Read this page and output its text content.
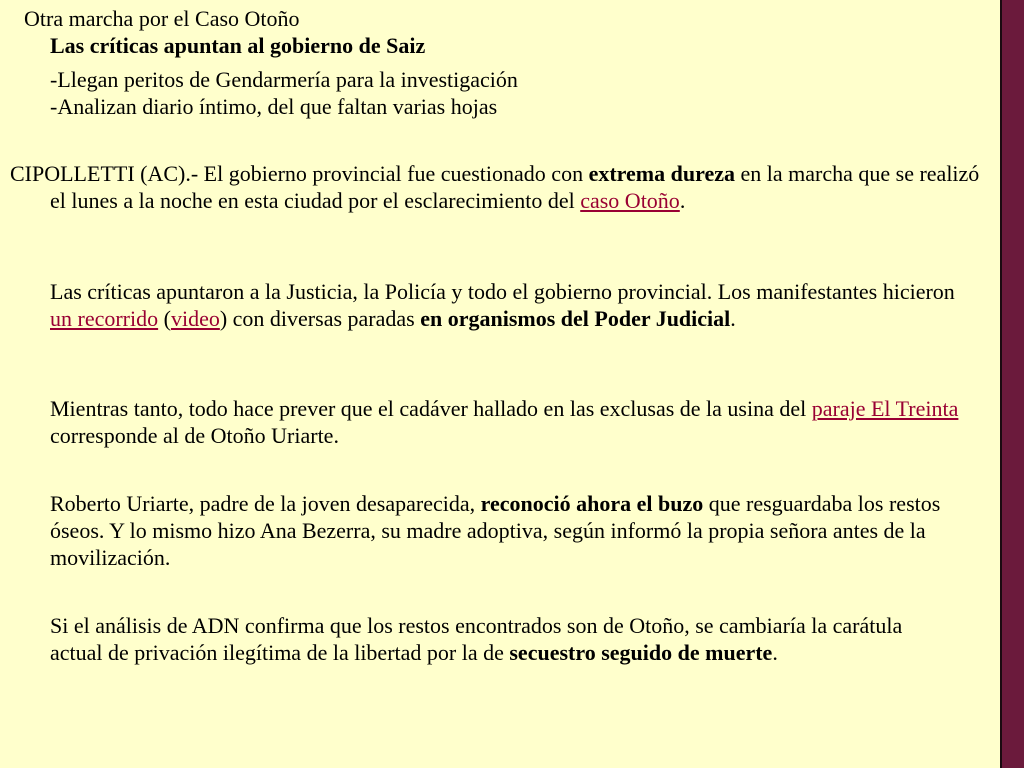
Otra marcha por el Caso Otoño
Las críticas apuntan al gobierno de Saiz
-Llegan peritos de Gendarmería para la investigación
-Analizan diario íntimo, del que faltan varias hojas
CIPOLLETTI (AC).- El gobierno provincial fue cuestionado con extrema dureza en la marcha que se realizó el lunes a la noche en esta ciudad por el esclarecimiento del caso Otoño.
Las críticas apuntaron a la Justicia, la Policía y todo el gobierno provincial. Los manifestantes hicieron un recorrido (video) con diversas paradas en organismos del Poder Judicial.
Mientras tanto, todo hace prever que el cadáver hallado en las exclusas de la usina del paraje El Treinta corresponde al de Otoño Uriarte.
Roberto Uriarte, padre de la joven desaparecida, reconoció ahora el buzo que resguardaba los restos óseos. Y lo mismo hizo Ana Bezerra, su madre adoptiva, según informó la propia señora antes de la movilización.
Si el análisis de ADN confirma que los restos encontrados son de Otoño, se cambiaría la carátula actual de privación ilegítima de la libertad por la de secuestro seguido de muerte.
